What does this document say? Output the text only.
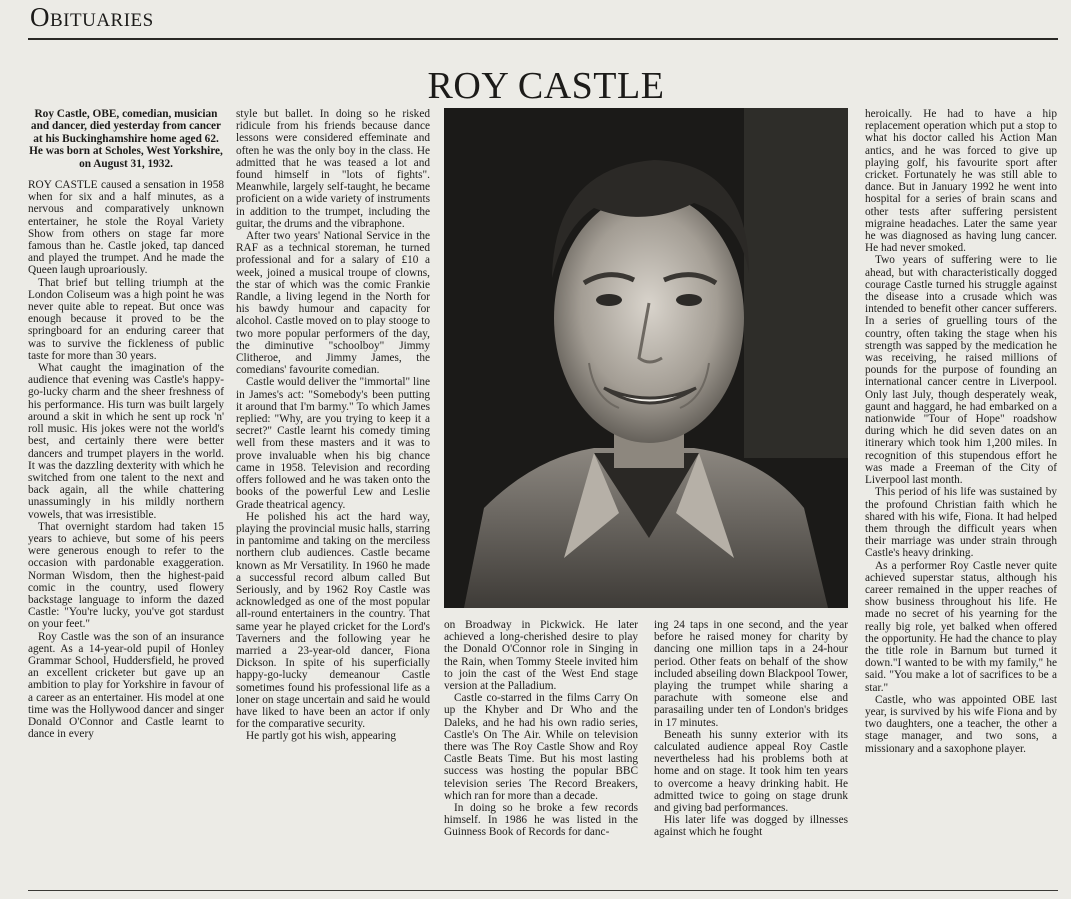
Obituaries
ROY CASTLE

Roy Castle, OBE, comedian, musician and dancer, died yesterday from cancer at his Buckinghamshire home aged 62. He was born at Scholes, West Yorkshire, on August 31, 1932.

ROY CASTLE caused a sensation in 1958 when for six and a half minutes, as a nervous and comparatively unknown entertainer, he stole the Royal Variety Show from others on stage far more famous than he. Castle joked, tap danced and played the trumpet. And he made the Queen laugh uproariously.

That brief but telling triumph at the London Coliseum was a high point he was never quite able to repeat. But once was enough because it proved to be the springboard for an enduring career that was to survive the fickleness of public taste for more than 30 years.

What caught the imagination of the audience that evening was Castle's happy-go-lucky charm and the sheer freshness of his performance. His turn was built largely around a skit in which he sent up rock 'n' roll music. His jokes were not the world's best, and certainly there were better dancers and trumpet players in the world. It was the dazzling dexterity with which he switched from one talent to the next and back again, all the while chattering unassumingly in his mildly northern vowels, that was irresistible.

That overnight stardom had taken 15 years to achieve, but some of his peers were generous enough to refer to the occasion with pardonable exaggeration. Norman Wisdom, then the highest-paid comic in the country, used flowery backstage language to inform the dazed Castle: "You're lucky, you've got stardust on your feet."

Roy Castle was the son of an insurance agent. As a 14-year-old pupil of Honley Grammar School, Huddersfield, he proved an excellent cricketer but gave up an ambition to play for Yorkshire in favour of a career as an entertainer. His model at one time was the Hollywood dancer and singer Donald O'Connor and Castle learnt to dance in every

style but ballet. In doing so he risked ridicule from his friends because dance lessons were considered effeminate and often he was the only boy in the class. He admitted that he was teased a lot and found himself in "lots of fights". Meanwhile, largely self-taught, he became proficient on a wide variety of instruments in addition to the trumpet, including the guitar, the drums and the vibraphone.

After two years' National Service in the RAF as a technical storeman, he turned professional and for a salary of £10 a week, joined a musical troupe of clowns, the star of which was the comic Frankie Randle, a living legend in the North for his bawdy humour and capacity for alcohol. Castle moved on to play stooge to two more popular performers of the day, the diminutive "schoolboy" Jimmy Clitheroe, and Jimmy James, the comedians' favourite comedian.

Castle would deliver the "immortal" line in James's act: "Somebody's been putting it around that I'm barmy." To which James replied: "Why, are you trying to keep it a secret?" Castle learnt his comedy timing well from these masters and it was to prove invaluable when his big chance came in 1958. Television and recording offers followed and he was taken onto the books of the powerful Lew and Leslie Grade theatrical agency.

He polished his act the hard way, playing the provincial music halls, starring in pantomime and taking on the merciless northern club audiences. Castle became known as Mr Versatility. In 1960 he made a successful record album called But Seriously, and by 1962 Roy Castle was acknowledged as one of the most popular all-round entertainers in the country. That same year he played cricket for the Lord's Taverners and the following year he married a 23-year-old dancer, Fiona Dickson. In spite of his superficially happy-go-lucky demeanour Castle sometimes found his professional life as a loner on stage uncertain and said he would have liked to have been an actor if only for the comparative security.

He partly got his wish, appearing

on Broadway in Pickwick. He later achieved a long-cherished desire to play the Donald O'Connor role in Singing in the Rain, when Tommy Steele invited him to join the cast of the West End stage version at the Palladium.

Castle co-starred in the films Carry On up the Khyber and Dr Who and the Daleks, and he had his own radio series, Castle's On The Air. While on television there was The Roy Castle Show and Roy Castle Beats Time. But his most lasting success was hosting the popular BBC television series The Record Breakers, which ran for more than a decade.

In doing so he broke a few records himself. In 1986 he was listed in the Guinness Book of Records for danc-

ing 24 taps in one second, and the year before he raised money for charity by dancing one million taps in a 24-hour period. Other feats on behalf of the show included abseiling down Blackpool Tower, playing the trumpet while sharing a parachute with someone else and parasailing under ten of London's bridges in 17 minutes.

Beneath his sunny exterior with its calculated audience appeal Roy Castle nevertheless had his problems both at home and on stage. It took him ten years to overcome a heavy drinking habit. He admitted twice to going on stage drunk and giving bad performances.

His later life was dogged by illnesses against which he fought

heroically. He had to have a hip replacement operation which put a stop to what his doctor called his Action Man antics, and he was forced to give up playing golf, his favourite sport after cricket. Fortunately he was still able to dance. But in January 1992 he went into hospital for a series of brain scans and other tests after suffering persistent migraine headaches. Later the same year he was diagnosed as having lung cancer. He had never smoked.

Two years of suffering were to lie ahead, but with characteristically dogged courage Castle turned his struggle against the disease into a crusade which was intended to benefit other cancer sufferers. In a series of gruelling tours of the country, often taking the stage when his strength was sapped by the medication he was receiving, he raised millions of pounds for the purpose of founding an international cancer centre in Liverpool. Only last July, though desperately weak, gaunt and haggard, he had embarked on a nationwide "Tour of Hope" roadshow during which he did seven dates on an itinerary which took him 1,200 miles. In recognition of this stupendous effort he was made a Freeman of the City of Liverpool last month.

This period of his life was sustained by the profound Christian faith which he shared with his wife, Fiona. It had helped them through the difficult years when their marriage was under strain through Castle's heavy drinking.

As a performer Roy Castle never quite achieved superstar status, although his career remained in the upper reaches of show business throughout his life. He made no secret of his yearning for the really big role, yet balked when offered the opportunity. He had the chance to play the title role in Barnum but turned it down."I wanted to be with my family," he said. "You make a lot of sacrifices to be a star."

Castle, who was appointed OBE last year, is survived by his wife Fiona and by two daughters, one a teacher, the other a stage manager, and two sons, a missionary and a saxophone player.
